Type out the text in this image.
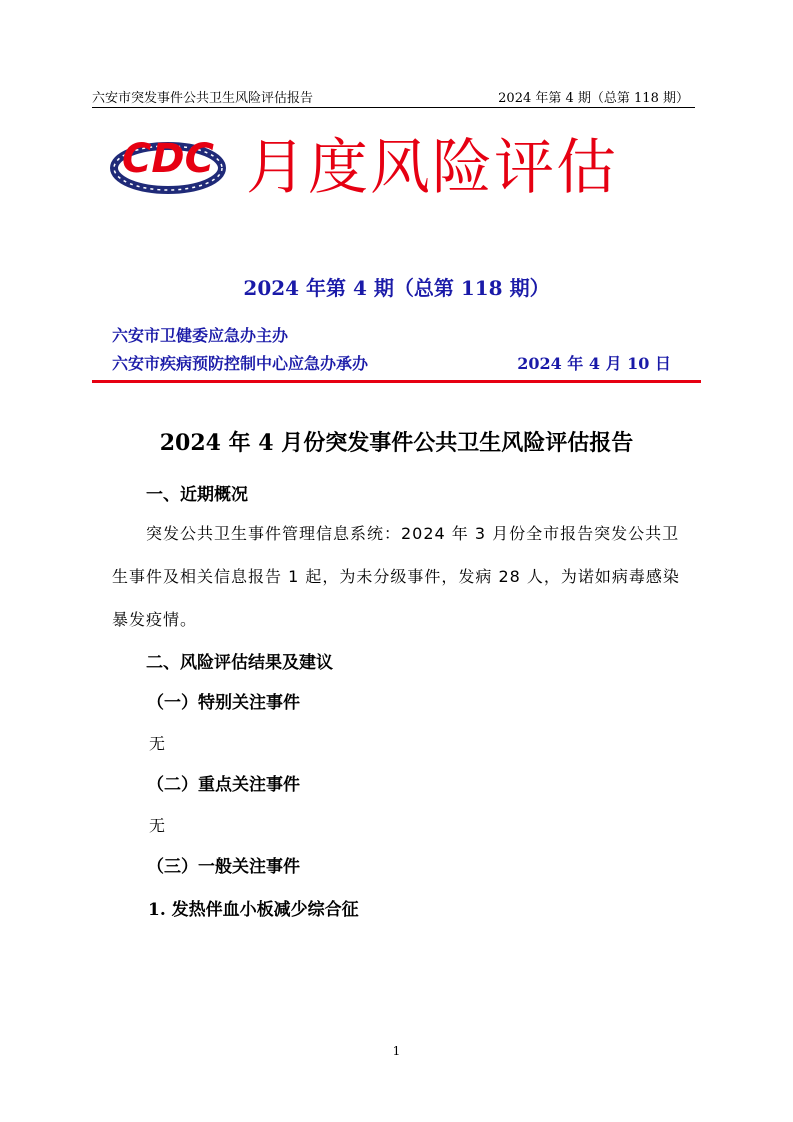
六安市突发事件公共卫生风险评估报告	2024 年第 4 期（总第 118 期）
CDC 月度风险评估
2024 年第 4 期（总第 118 期）
六安市卫健委应急办主办
六安市疾病预防控制中心应急办承办	2024 年 4 月 10 日
2024 年 4 月份突发事件公共卫生风险评估报告
一、近期概况
突发公共卫生事件管理信息系统：2024 年 3 月份全市报告突发公共卫生事件及相关信息报告 1 起，为未分级事件，发病 28 人，为诺如病毒感染暴发疫情。
二、风险评估结果及建议
（一）特别关注事件
无
（二）重点关注事件
无
（三）一般关注事件
1. 发热伴血小板减少综合征
1
